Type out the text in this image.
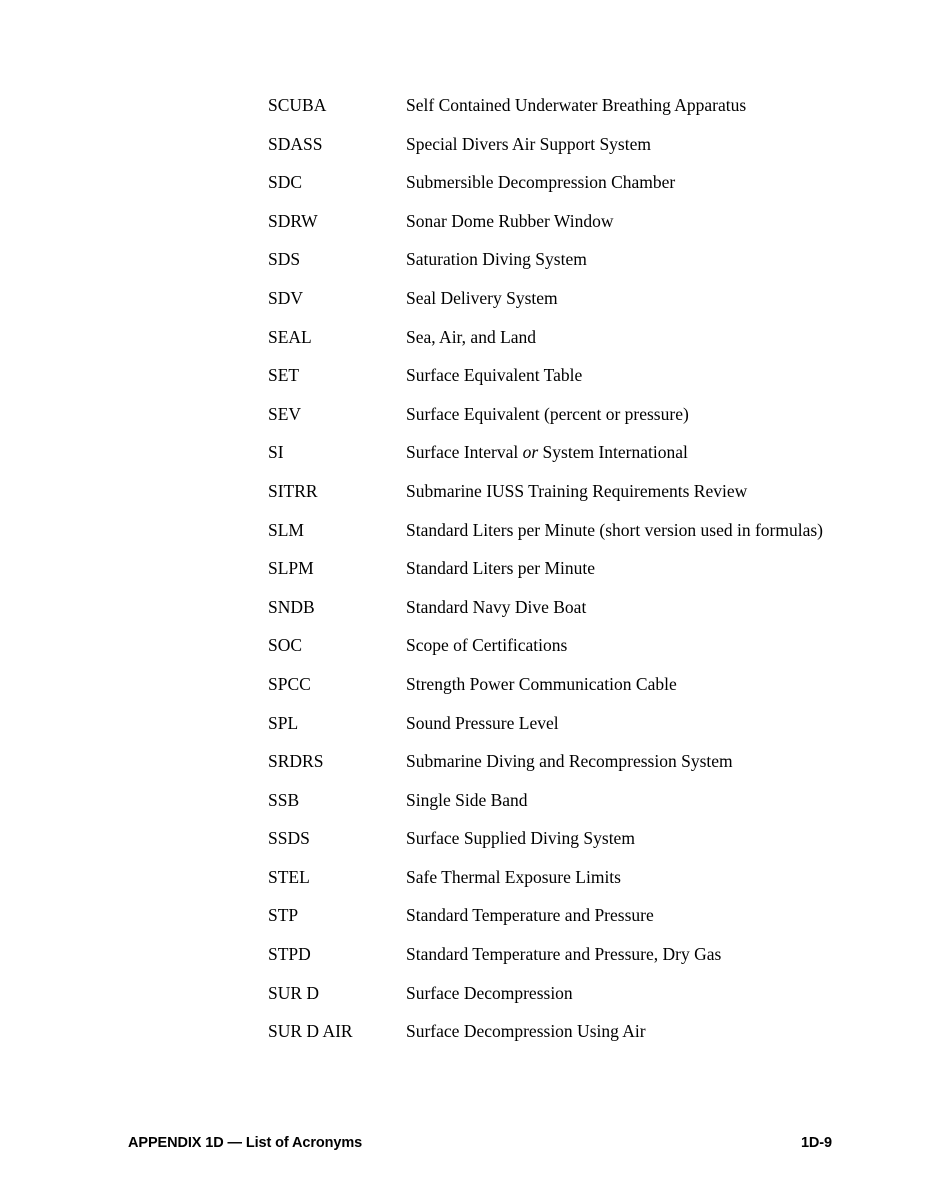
SCUBA	Self Contained Underwater Breathing Apparatus
SDASS	Special Divers Air Support System
SDC	Submersible Decompression Chamber
SDRW	Sonar Dome Rubber Window
SDS	Saturation Diving System
SDV	Seal Delivery System
SEAL	Sea, Air, and Land
SET	Surface Equivalent Table
SEV	Surface Equivalent (percent or pressure)
SI	Surface Interval or System International
SITRR	Submarine IUSS Training Requirements Review
SLM	Standard Liters per Minute (short version used in formulas)
SLPM	Standard Liters per Minute
SNDB	Standard Navy Dive Boat
SOC	Scope of Certifications
SPCC	Strength Power Communication Cable
SPL	Sound Pressure Level
SRDRS	Submarine Diving and Recompression System
SSB	Single Side Band
SSDS	Surface Supplied Diving System
STEL	Safe Thermal Exposure Limits
STP	Standard Temperature and Pressure
STPD	Standard Temperature and Pressure, Dry Gas
SUR D	Surface Decompression
SUR D AIR	Surface Decompression Using Air
APPENDIX 1D — List of Acronyms	1D-9
